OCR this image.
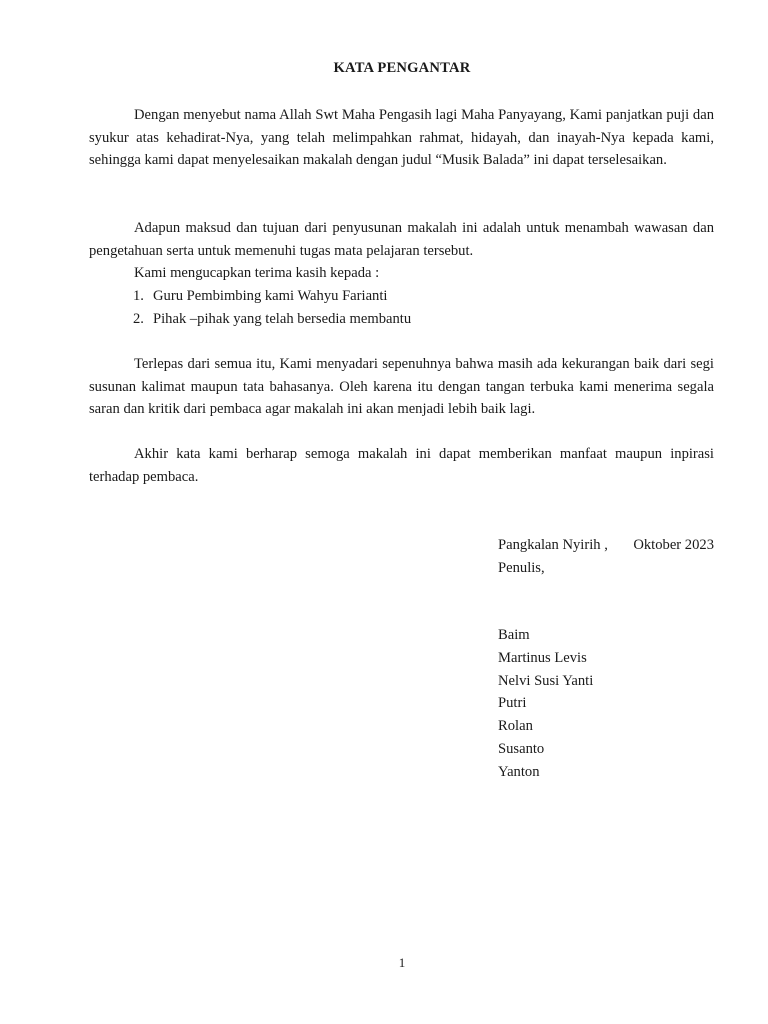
KATA PENGANTAR

Dengan menyebut nama Allah Swt Maha Pengasih lagi Maha Panyayang, Kami panjatkan puji dan syukur atas kehadirat-Nya, yang telah melimpahkan rahmat, hidayah, dan inayah-Nya kepada kami, sehingga kami dapat menyelesaikan makalah dengan judul “Musik Balada” ini dapat terselesaikan.

Adapun maksud dan tujuan dari penyusunan makalah ini adalah untuk menambah wawasan dan pengetahuan serta untuk memenuhi tugas mata pelajaran tersebut.

Kami mengucapkan terima kasih kepada :

1. Guru Pembimbing kami Wahyu Farianti
2. Pihak –pihak yang telah bersedia membantu

Terlepas dari semua itu, Kami menyadari sepenuhnya bahwa masih ada kekurangan baik dari segi susunan kalimat maupun tata bahasanya. Oleh karena itu dengan tangan terbuka kami menerima segala saran dan kritik dari pembaca agar makalah ini akan menjadi lebih baik lagi.

Akhir kata kami berharap semoga makalah ini dapat memberikan manfaat maupun inpirasi terhadap pembaca.

Pangkalan Nyirih , Oktober 2023
Penulis,
Baim
Martinus Levis
Nelvi Susi Yanti
Putri
Rolan
Susanto
Yanton
1
